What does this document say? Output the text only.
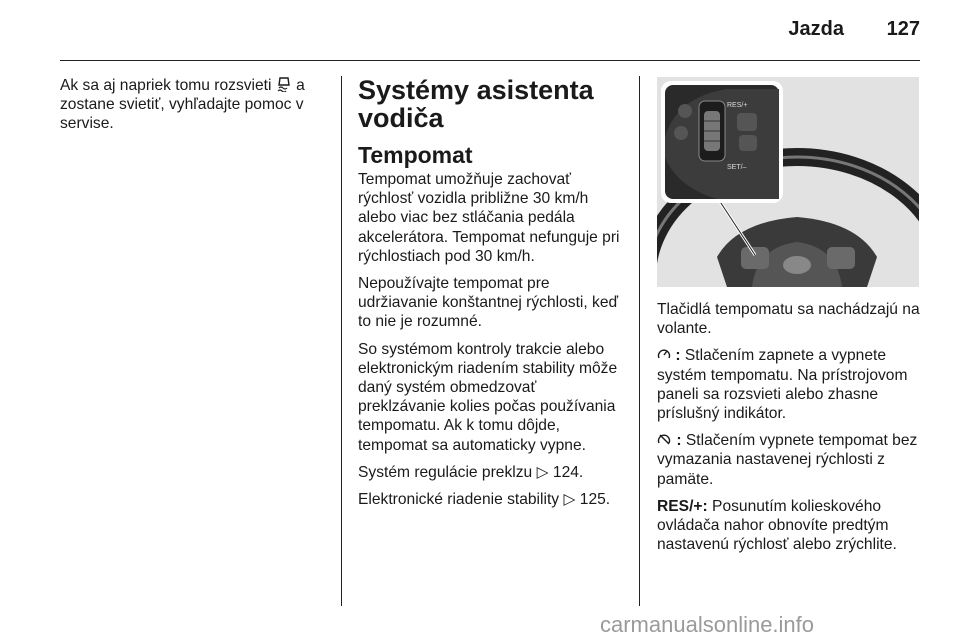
Jazda 127

Ak sa aj napriek tomu rozsvieti a zostane svietiť, vyhľadajte pomoc v servise.

Systémy asistenta vodiča
Tempomat

Tempomat umožňuje zachovať rýchlosť vozidla približne 30 km/h alebo viac bez stláčania pedála akcelerátora. Tempomat nefunguje pri rýchlostiach pod 30 km/h.

Nepoužívajte tempomat pre udržiavanie konštantnej rýchlosti, keď to nie je rozumné.

So systémom kontroly trakcie alebo elektronickým riadením stability môže daný systém obmedzovať preklzávanie kolies počas používania tempomatu. Ak k tomu dôjde, tempomat sa automaticky vypne.

Systém regulácie preklzu ▷ 124.

Elektronické riadenie stability ▷ 125.

RES/+
SET/–

Tlačidlá tempomatu sa nachádzajú na volante.

: Stlačením zapnete a vypnete systém tempomatu. Na prístrojovom paneli sa rozsvieti alebo zhasne príslušný indikátor.

: Stlačením vypnete tempomat bez vymazania nastavenej rýchlosti z pamäte.

RES/+: Posunutím kolieskového ovládača nahor obnovíte predtým nastavenú rýchlosť alebo zrýchlite.

carmanualsonline.info
